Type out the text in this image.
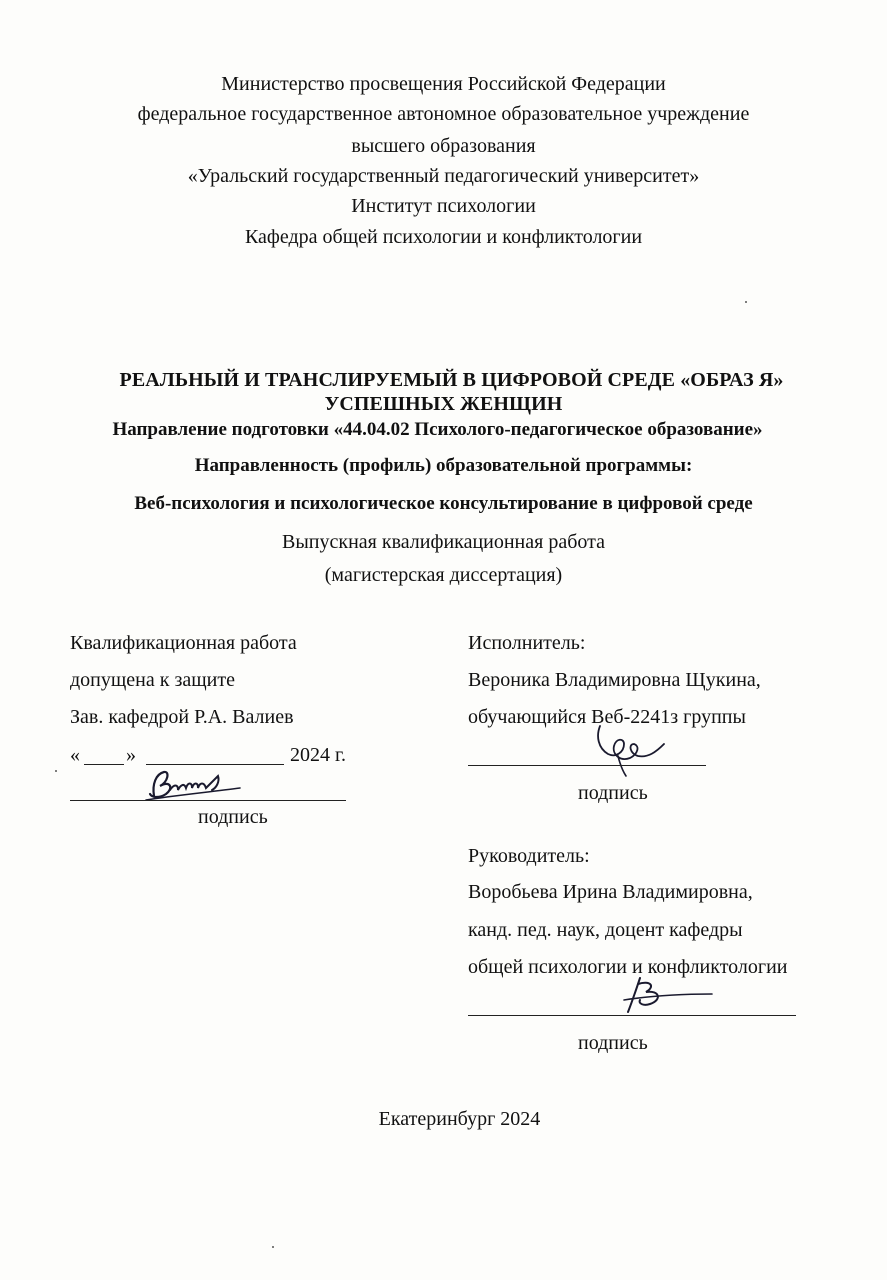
Министерство просвещения Российской Федерации
федеральное государственное автономное образовательное учреждение
высшего образования
«Уральский государственный педагогический университет»
Институт психологии
Кафедра общей психологии и конфликтологии
РЕАЛЬНЫЙ И ТРАНСЛИРУЕМЫЙ В ЦИФРОВОЙ СРЕДЕ «ОБРАЗ Я»
УСПЕШНЫХ ЖЕНЩИН
Направление подготовки «44.04.02 Психолого-педагогическое образование»
Направленность (профиль) образовательной программы:
Веб-психология и психологическое консультирование в цифровой среде
Выпускная квалификационная работа
(магистерская диссертация)
Квалификационная работа
допущена к защите
Зав. кафедрой Р.А. Валиев
« »	2024 г.
подпись
Исполнитель:
Вероника Владимировна Щукина,
обучающийся Веб-2241з группы
подпись
Руководитель:
Воробьева Ирина Владимировна,
канд. пед. наук, доцент кафедры
общей психологии и конфликтологии
подпись
Екатеринбург 2024
